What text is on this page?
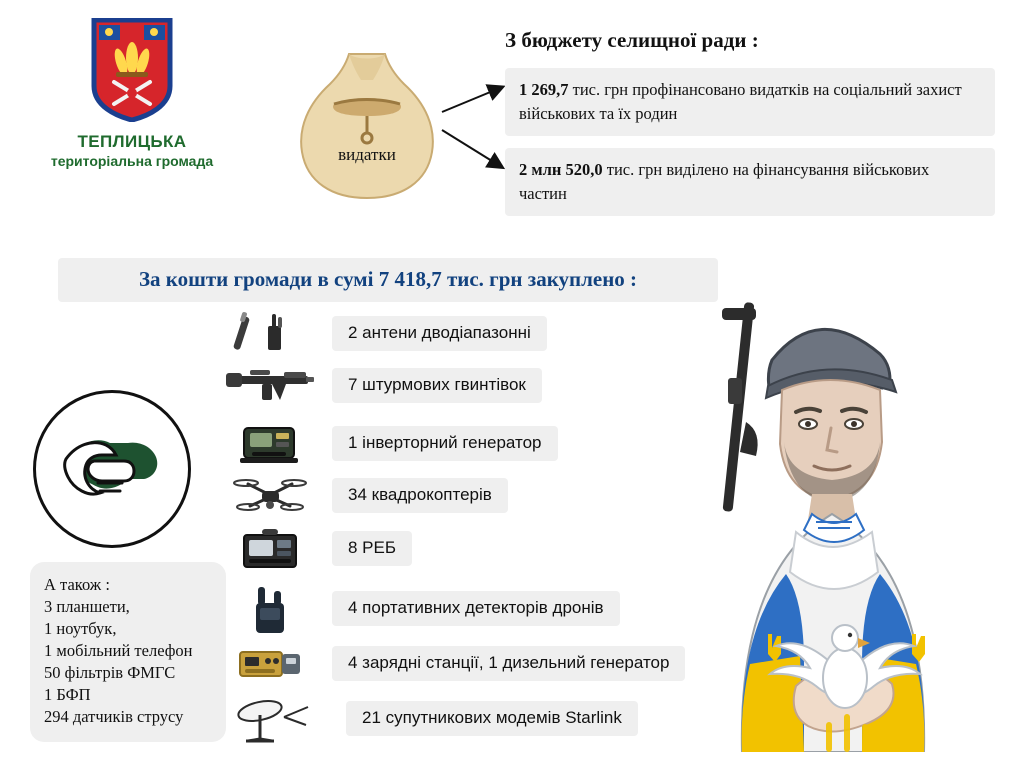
ТЕПЛИЦЬКА
територіальна громада	видатки
З бюджету селищної ради :
1 269,7 тис. грн профінансовано видатків на соціальний захист військових та їх родин
2 млн 520,0 тис. грн виділено на фінансування військових частин
За кошти громади в сумі 7 418,7 тис. грн закуплено :
А також :
3 планшети,
1 ноутбук,
1 мобільний телефон
50 фільтрів ФМГС
1 БФП
294 датчиків струсу
2 антени дводіапазонні
7 штурмових гвинтівок
1 інверторний генератор
34 квадрокоптерів
8 РЕБ
4 портативних детекторів дронів
4 зарядні станції, 1 дизельний генератор
21 супутникових модемів Starlink
